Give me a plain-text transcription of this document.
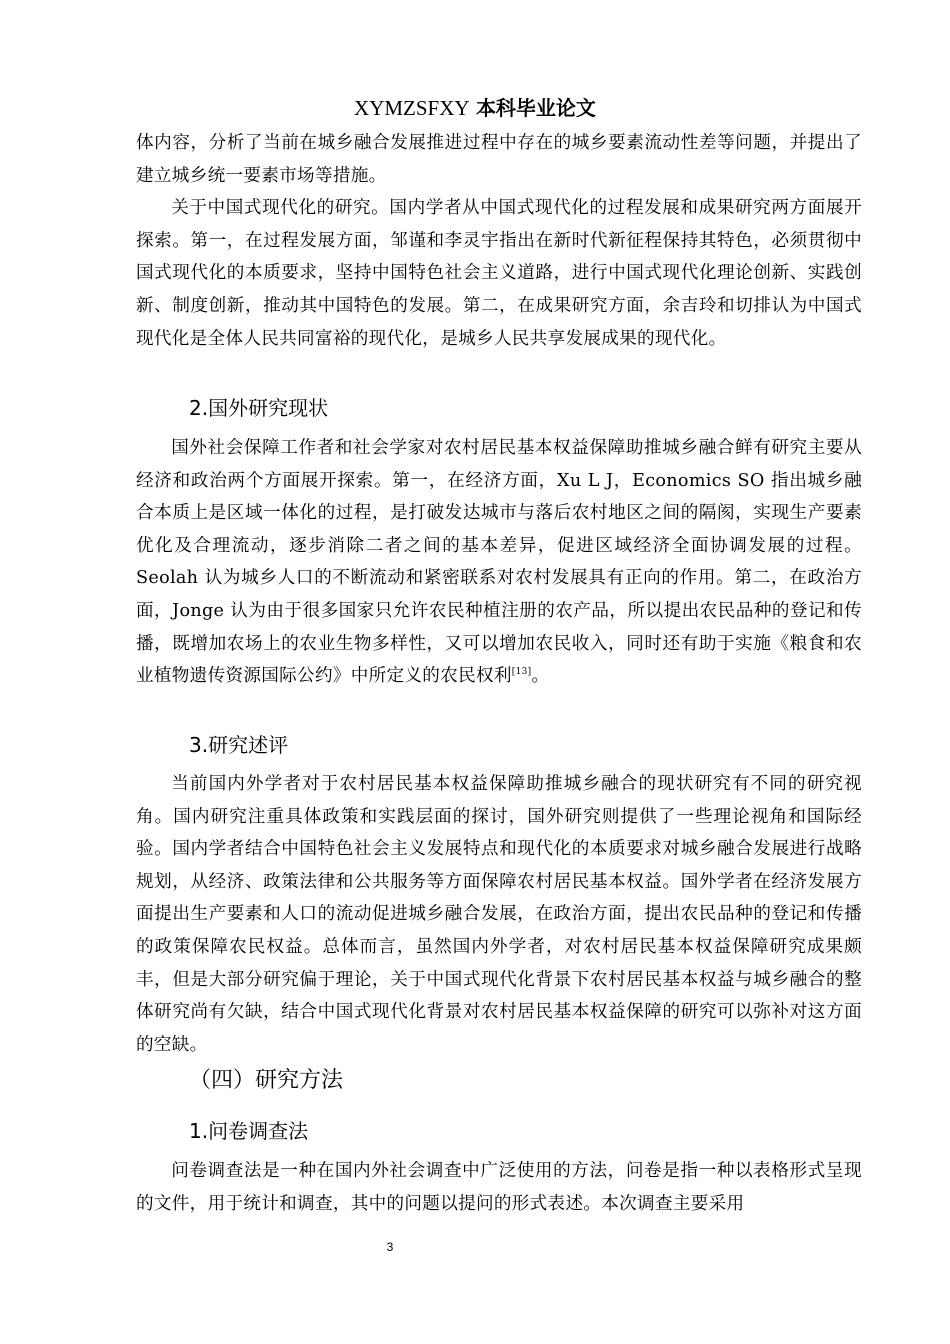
XYMZSFXY 本科毕业论文

体内容，分析了当前在城乡融合发展推进过程中存在的城乡要素流动性差等问题，并提出了建立城乡统一要素市场等措施。

关于中国式现代化的研究。国内学者从中国式现代化的过程发展和成果研究两方面展开探索。第一，在过程发展方面，邹谨和李灵宇指出在新时代新征程保持其特色，必须贯彻中国式现代化的本质要求，坚持中国特色社会主义道路，进行中国式现代化理论创新、实践创新、制度创新，推动其中国特色的发展。第二，在成果研究方面，余吉玲和切排认为中国式现代化是全体人民共同富裕的现代化，是城乡人民共享发展成果的现代化。

2.国外研究现状

国外社会保障工作者和社会学家对农村居民基本权益保障助推城乡融合鲜有研究主要从经济和政治两个方面展开探索。第一，在经济方面，Xu L J，Economics SO 指出城乡融合本质上是区域一体化的过程，是打破发达城市与落后农村地区之间的隔阂，实现生产要素优化及合理流动，逐步消除二者之间的基本差异，促进区域经济全面协调发展的过程。Seolah 认为城乡人口的不断流动和紧密联系对农村发展具有正向的作用。第二，在政治方面，Jonge 认为由于很多国家只允许农民种植注册的农产品，所以提出农民品种的登记和传播，既增加农场上的农业生物多样性，又可以增加农民收入，同时还有助于实施《粮食和农业植物遗传资源国际公约》中所定义的农民权利[13]。

3.研究述评

当前国内外学者对于农村居民基本权益保障助推城乡融合的现状研究有不同的研究视角。国内研究注重具体政策和实践层面的探讨，国外研究则提供了一些理论视角和国际经验。国内学者结合中国特色社会主义发展特点和现代化的本质要求对城乡融合发展进行战略规划，从经济、政策法律和公共服务等方面保障农村居民基本权益。国外学者在经济发展方面提出生产要素和人口的流动促进城乡融合发展，在政治方面，提出农民品种的登记和传播的政策保障农民权益。总体而言，虽然国内外学者，对农村居民基本权益保障研究成果颇丰，但是大部分研究偏于理论，关于中国式现代化背景下农村居民基本权益与城乡融合的整体研究尚有欠缺，结合中国式现代化背景对农村居民基本权益保障的研究可以弥补对这方面的空缺。

（四）研究方法
1.问卷调查法

问卷调查法是一种在国内外社会调查中广泛使用的方法，问卷是指一种以表格形式呈现的文件，用于统计和调查，其中的问题以提问的形式表述。本次调查主要采用

3
